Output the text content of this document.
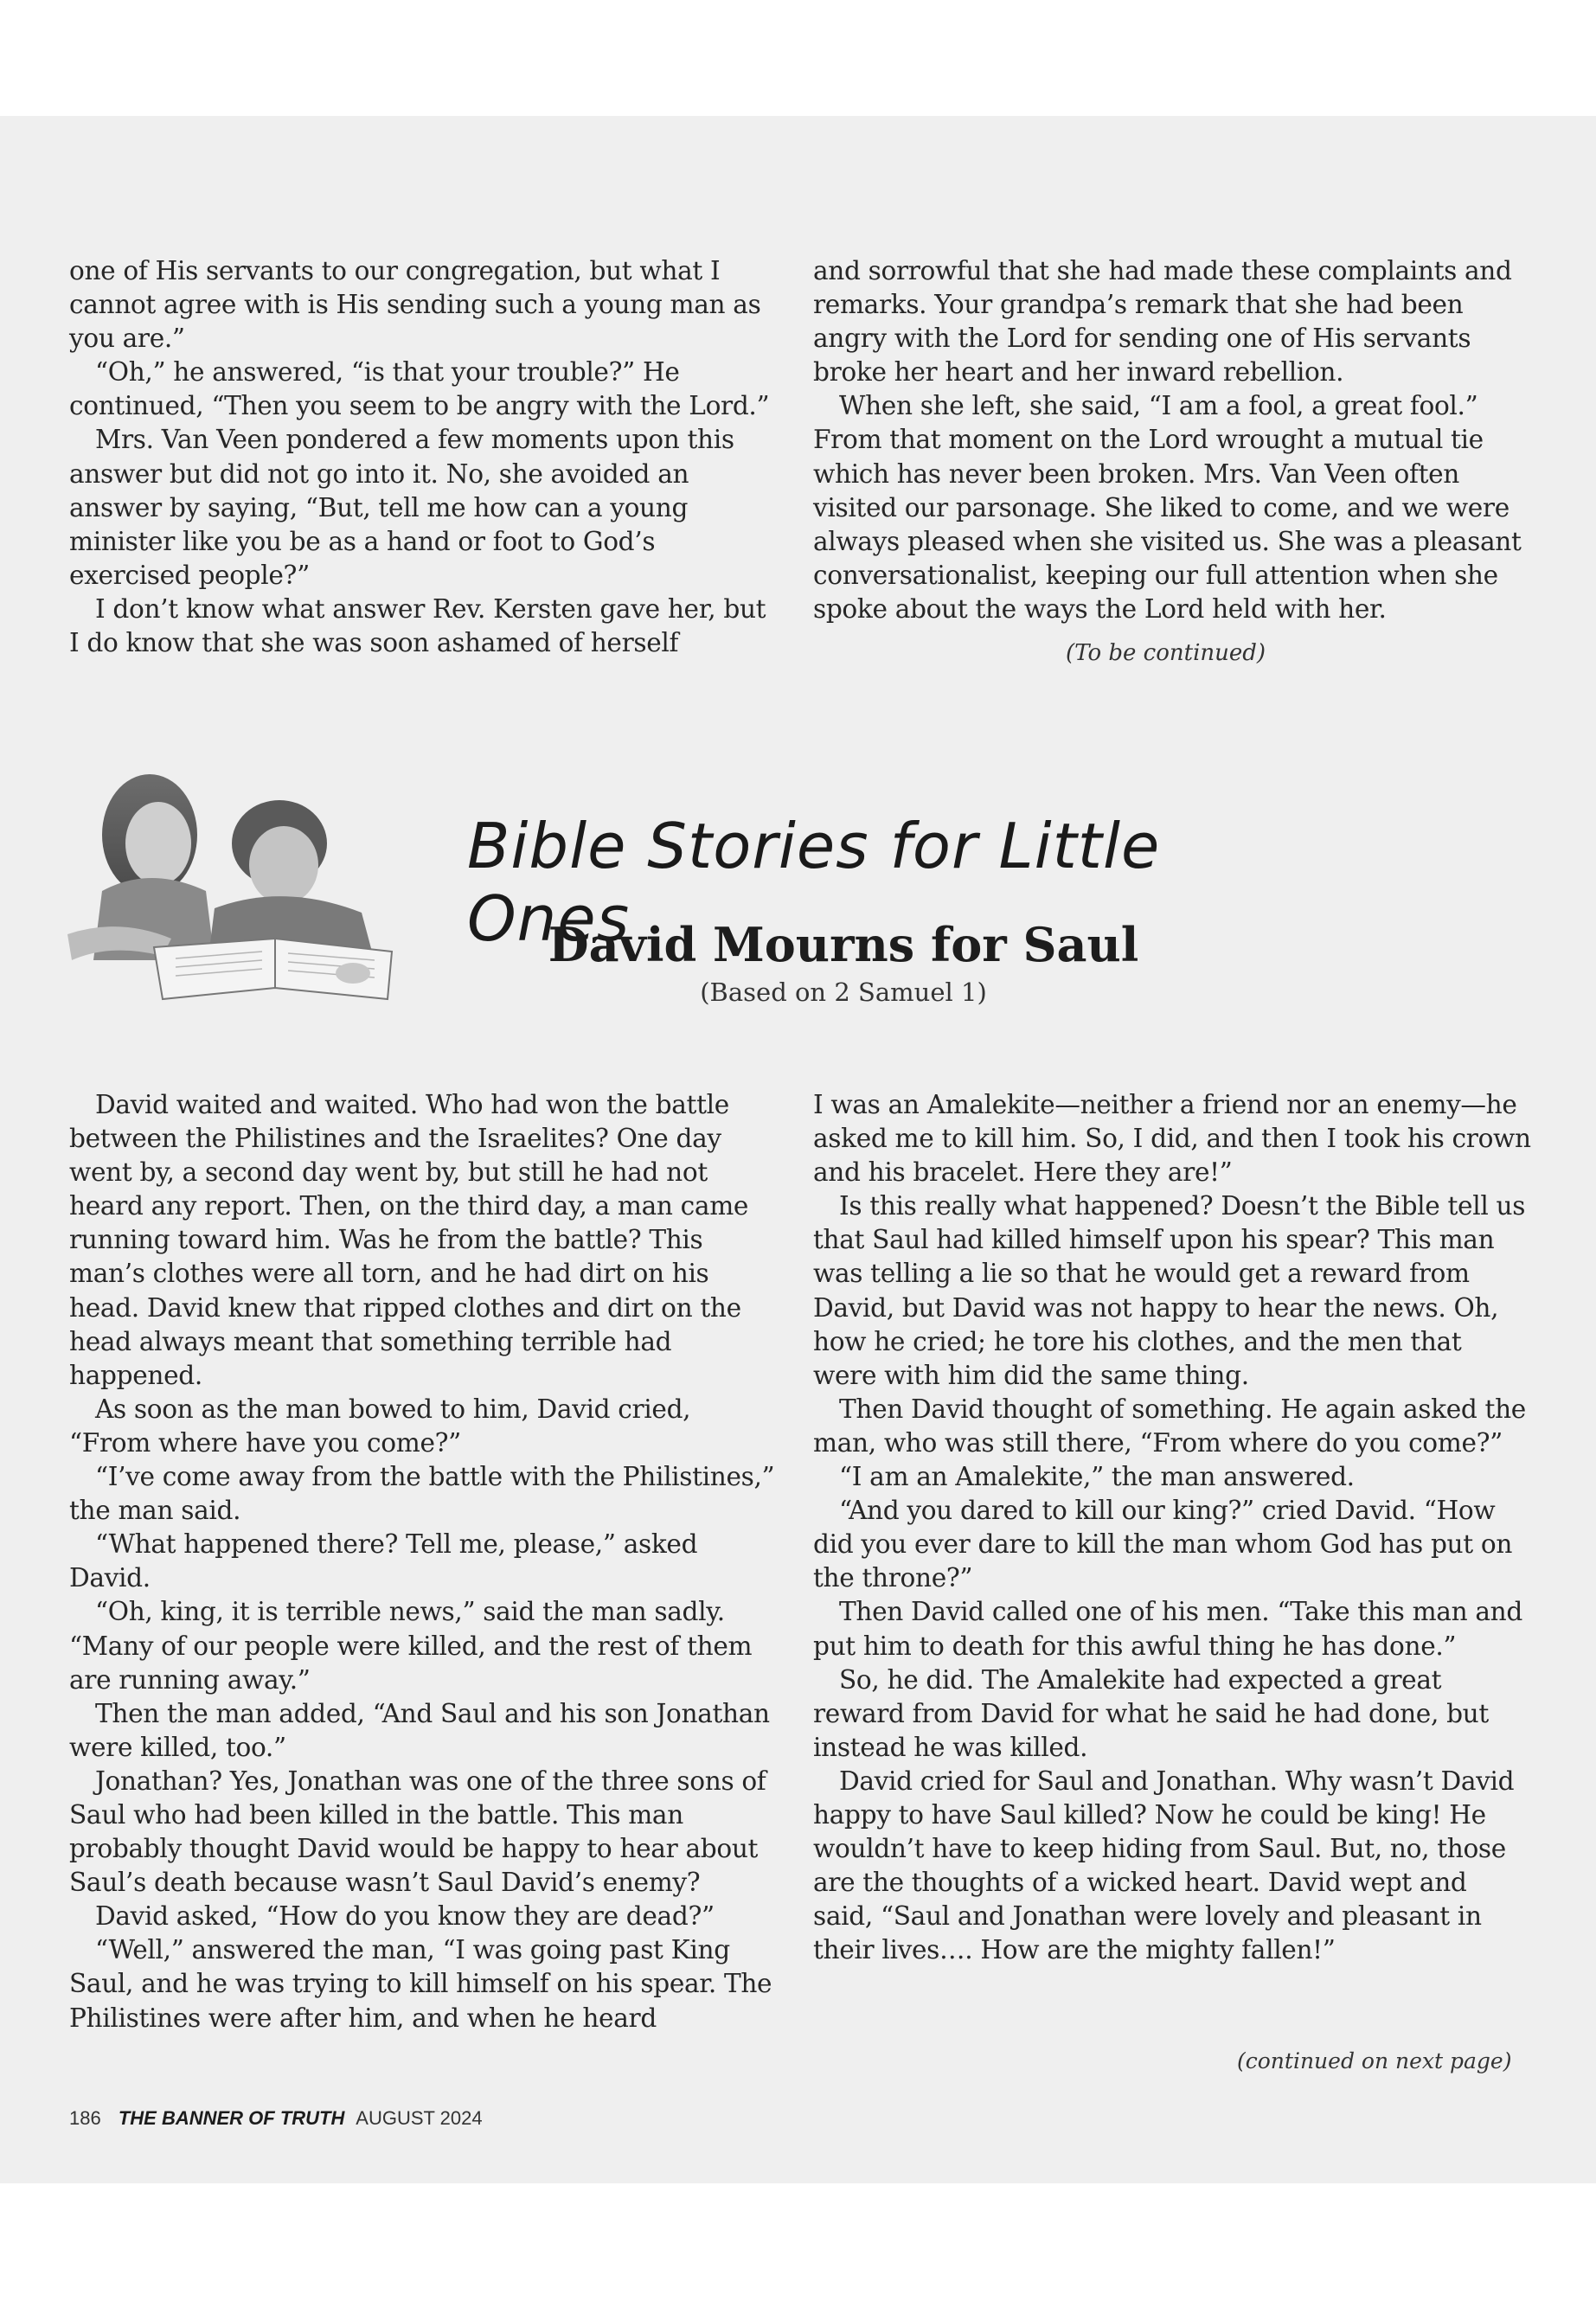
one of His servants to our congregation, but what I cannot agree with is His sending such a young man as you are.”

“Oh,” he answered, “is that your trouble?” He continued, “Then you seem to be angry with the Lord.”

Mrs. Van Veen pondered a few moments upon this answer but did not go into it. No, she avoided an answer by saying, “But, tell me how can a young minister like you be as a hand or foot to God’s exercised people?”

I don’t know what answer Rev. Kersten gave her, but I do know that she was soon ashamed of herself

and sorrowful that she had made these complaints and remarks. Your grandpa’s remark that she had been angry with the Lord for sending one of His servants broke her heart and her inward rebellion.

When she left, she said, “I am a fool, a great fool.” From that moment on the Lord wrought a mutual tie which has never been broken. Mrs. Van Veen often visited our parsonage. She liked to come, and we were always pleased when she visited us. She was a pleasant conversationalist, keeping our full attention when she spoke about the ways the Lord held with her.

(To be continued)
Bible Stories for Little Ones
David Mourns for Saul
(Based on 2 Samuel 1)

David waited and waited. Who had won the battle between the Philistines and the Israelites? One day went by, a second day went by, but still he had not heard any report. Then, on the third day, a man came running toward him. Was he from the battle? This man’s clothes were all torn, and he had dirt on his head. David knew that ripped clothes and dirt on the head always meant that something terrible had happened.

As soon as the man bowed to him, David cried, “From where have you come?”

“I’ve come away from the battle with the Philistines,” the man said.

“What happened there? Tell me, please,” asked David.

“Oh, king, it is terrible news,” said the man sadly. “Many of our people were killed, and the rest of them are running away.”

Then the man added, “And Saul and his son Jonathan were killed, too.”

Jonathan? Yes, Jonathan was one of the three sons of Saul who had been killed in the battle. This man probably thought David would be happy to hear about Saul’s death because wasn’t Saul David’s enemy?

David asked, “How do you know they are dead?”

“Well,” answered the man, “I was going past King Saul, and he was trying to kill himself on his spear. The Philistines were after him, and when he heard

I was an Amalekite—neither a friend nor an enemy—he asked me to kill him. So, I did, and then I took his crown and his bracelet. Here they are!”

Is this really what happened? Doesn’t the Bible tell us that Saul had killed himself upon his spear? This man was telling a lie so that he would get a reward from David, but David was not happy to hear the news. Oh, how he cried; he tore his clothes, and the men that were with him did the same thing.

Then David thought of something. He again asked the man, who was still there, “From where do you come?”

“I am an Amalekite,” the man answered.

“And you dared to kill our king?” cried David. “How did you ever dare to kill the man whom God has put on the throne?”

Then David called one of his men. “Take this man and put him to death for this awful thing he has done.”

So, he did. The Amalekite had expected a great reward from David for what he said he had done, but instead he was killed.

David cried for Saul and Jonathan. Why wasn’t David happy to have Saul killed? Now he could be king! He wouldn’t have to keep hiding from Saul. But, no, those are the thoughts of a wicked heart. David wept and said, “Saul and Jonathan were lovely and pleasant in their lives…. How are the mighty fallen!”

(continued on next page)
186 THE BANNER OF TRUTH AUGUST 2024
